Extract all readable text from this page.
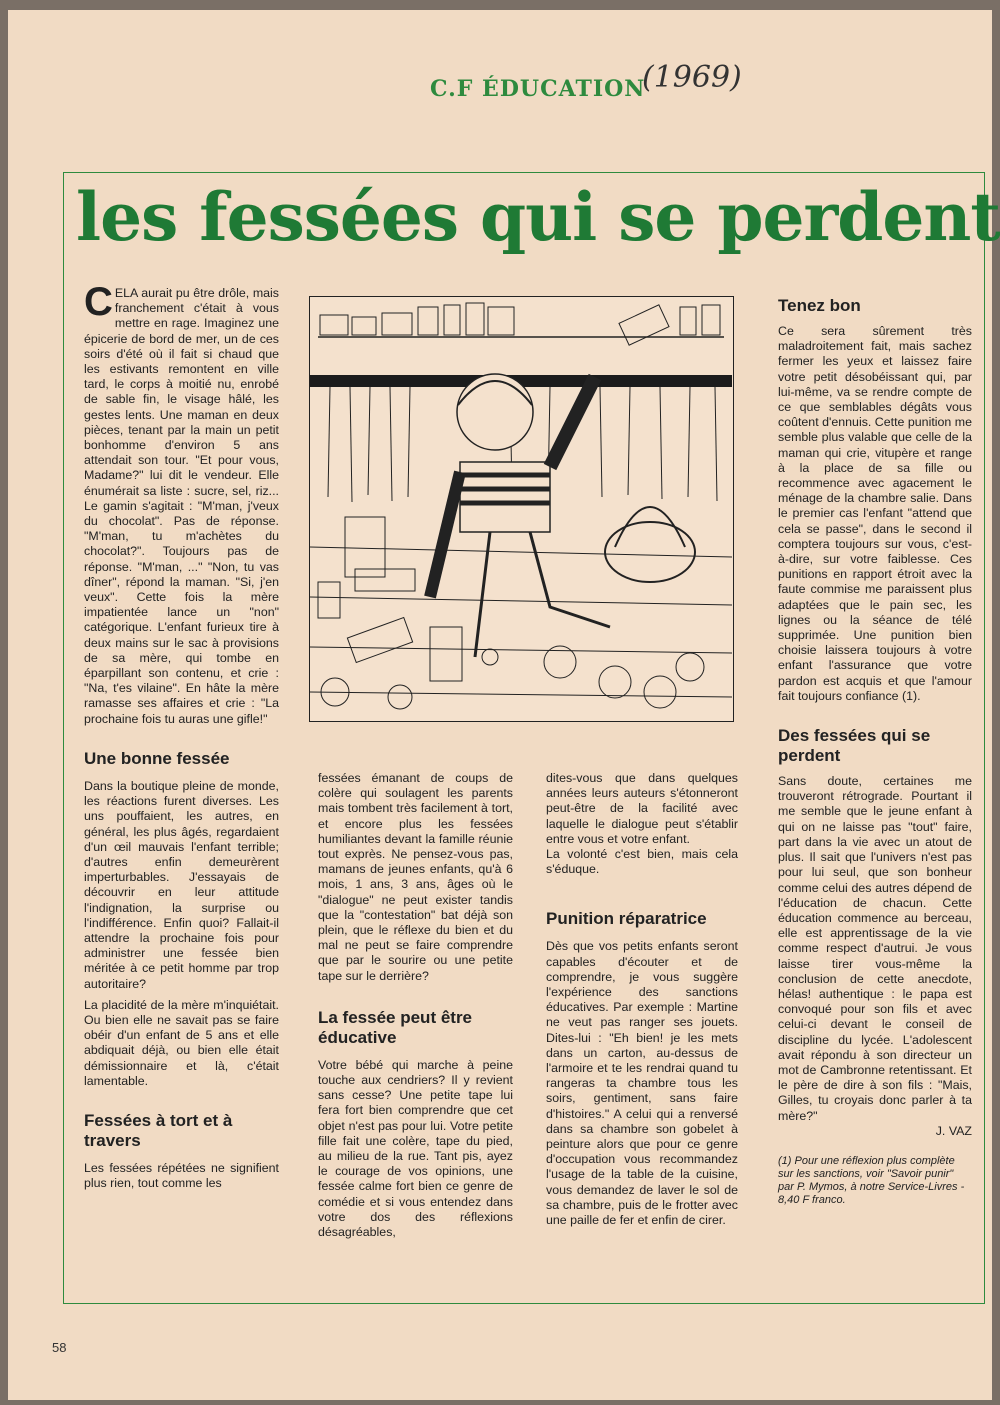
C.F ÉDUCATION
(1969)
les fessées qui se perdent

CELA aurait pu être drôle, mais franchement c'était à vous mettre en rage. Imaginez une épicerie de bord de mer, un de ces soirs d'été où il fait si chaud que les estivants remontent en ville tard, le corps à moitié nu, enrobé de sable fin, le visage hâlé, les gestes lents. Une maman en deux pièces, tenant par la main un petit bonhomme d'environ 5 ans attendait son tour. "Et pour vous, Madame?" lui dit le vendeur. Elle énumérait sa liste : sucre, sel, riz... Le gamin s'agitait : "M'man, j'veux du chocolat". Pas de réponse. "M'man, tu m'achètes du chocolat?". Toujours pas de réponse. "M'man, ..." "Non, tu vas dîner", répond la maman. "Si, j'en veux". Cette fois la mère impatientée lance un "non" catégorique. L'enfant furieux tire à deux mains sur le sac à provisions de sa mère, qui tombe en éparpillant son contenu, et crie : "Na, t'es vilaine". En hâte la mère ramasse ses affaires et crie : "La prochaine fois tu auras une gifle!"

Une bonne fessée

Dans la boutique pleine de monde, les réactions furent diverses. Les uns pouffaient, les autres, en général, les plus âgés, regardaient d'un œil mauvais l'enfant terrible; d'autres enfin demeurèrent imperturbables. J'essayais de découvrir en leur attitude l'indignation, la surprise ou l'indifférence. Enfin quoi? Fallait-il attendre la prochaine fois pour administrer une fessée bien méritée à ce petit homme par trop autoritaire?

La placidité de la mère m'inquiétait. Ou bien elle ne savait pas se faire obéir d'un enfant de 5 ans et elle abdiquait déjà, ou bien elle était démissionnaire et là, c'était lamentable.

Fessées à tort et à travers

Les fessées répétées ne signifient plus rien, tout comme les

fessées émanant de coups de colère qui soulagent les parents mais tombent très facilement à tort, et encore plus les fessées humiliantes devant la famille réunie tout exprès. Ne pensez-vous pas, mamans de jeunes enfants, qu'à 6 mois, 1 ans, 3 ans, âges où le "dialogue" ne peut exister tandis que la "contestation" bat déjà son plein, que le réflexe du bien et du mal ne peut se faire comprendre que par le sourire ou une petite tape sur le derrière?

La fessée peut être éducative

Votre bébé qui marche à peine touche aux cendriers? Il y revient sans cesse? Une petite tape lui fera fort bien comprendre que cet objet n'est pas pour lui. Votre petite fille fait une colère, tape du pied, au milieu de la rue. Tant pis, ayez le courage de vos opinions, une fessée calme fort bien ce genre de comédie et si vous entendez dans votre dos des réflexions désagréables,

dites-vous que dans quelques années leurs auteurs s'étonneront peut-être de la facilité avec laquelle le dialogue peut s'établir entre vous et votre enfant.

La volonté c'est bien, mais cela s'éduque.

Punition réparatrice

Dès que vos petits enfants seront capables d'écouter et de comprendre, je vous suggère l'expérience des sanctions éducatives. Par exemple : Martine ne veut pas ranger ses jouets. Dites-lui : "Eh bien! je les mets dans un carton, au-dessus de l'armoire et te les rendrai quand tu rangeras ta chambre tous les soirs, gentiment, sans faire d'histoires." A celui qui a renversé dans sa chambre son gobelet à peinture alors que pour ce genre d'occupation vous recommandez l'usage de la table de la cuisine, vous demandez de laver le sol de sa chambre, puis de le frotter avec une paille de fer et enfin de cirer.

Tenez bon

Ce sera sûrement très maladroitement fait, mais sachez fermer les yeux et laissez faire votre petit désobéissant qui, par lui-même, va se rendre compte de ce que semblables dégâts vous coûtent d'ennuis. Cette punition me semble plus valable que celle de la maman qui crie, vitupère et range à la place de sa fille ou recommence avec agacement le ménage de la chambre salie. Dans le premier cas l'enfant "attend que cela se passe", dans le second il comptera toujours sur vous, c'est-à-dire, sur votre faiblesse. Ces punitions en rapport étroit avec la faute commise me paraissent plus adaptées que le pain sec, les lignes ou la séance de télé supprimée. Une punition bien choisie laissera toujours à votre enfant l'assurance que votre pardon est acquis et que l'amour fait toujours confiance (1).

Des fessées qui se perdent

Sans doute, certaines me trouveront rétrograde. Pourtant il me semble que le jeune enfant à qui on ne laisse pas "tout" faire, part dans la vie avec un atout de plus. Il sait que l'univers n'est pas pour lui seul, que son bonheur comme celui des autres dépend de l'éducation de chacun. Cette éducation commence au berceau, elle est apprentissage de la vie comme respect d'autrui. Je vous laisse tirer vous-même la conclusion de cette anecdote, hélas! authentique : le papa est convoqué pour son fils et avec celui-ci devant le conseil de discipline du lycée. L'adolescent avait répondu à son directeur un mot de Cambronne retentissant. Et le père de dire à son fils : "Mais, Gilles, tu croyais donc parler à ta mère?"

J. VAZ

(1) Pour une réflexion plus complète sur les sanctions, voir "Savoir punir" par P. Mymos, à notre Service-Livres - 8,40 F franco.

58
